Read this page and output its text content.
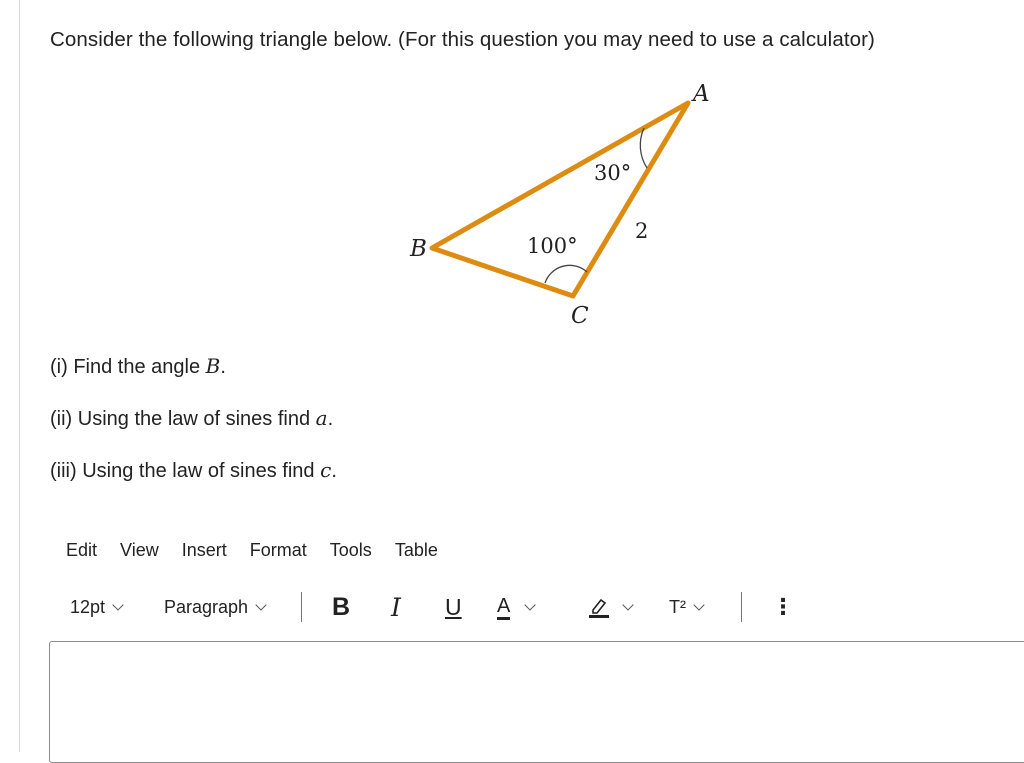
Consider the following triangle below. (For this question you may need to use a calculator)
A
B
C
30°
100°
2
(i) Find the angle B.
(ii) Using the law of sines find a.
(iii) Using the law of sines find c.
Edit View Insert Format Tools Table
12pt	Paragraph	B I U A	T²	⋮
